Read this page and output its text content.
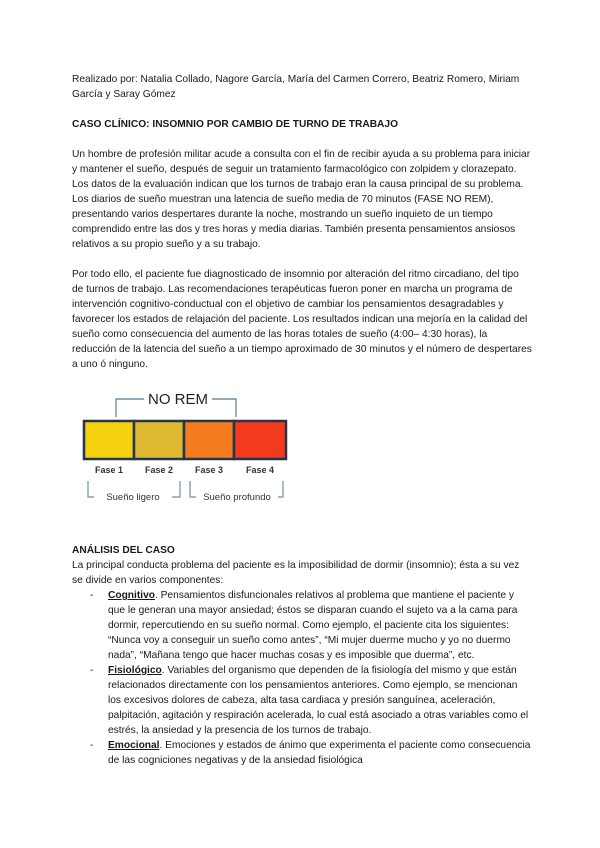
Realizado por: Natalia Collado, Nagore García, María del Carmen Correro, Beatriz Romero, Miriam García y Saray Gómez

CASO CLÍNICO: INSOMNIO POR CAMBIO DE TURNO DE TRABAJO

Un hombre de profesión militar acude a consulta con el fin de recibir ayuda a su problema para iniciar y mantener el sueño, después de seguir un tratamiento farmacológico con zolpidem y clorazepato. Los datos de la evaluación indican que los turnos de trabajo eran la causa principal de su problema. Los diarios de sueño muestran una latencia de sueño media de 70 minutos (FASE NO REM), presentando varios despertares durante la noche, mostrando un sueño inquieto de un tiempo comprendido entre las dos y tres horas y media diarias. También presenta pensamientos ansiosos relativos a su propio sueño y a su trabajo.

Por todo ello, el paciente fue diagnosticado de insomnio por alteración del ritmo circadiano, del tipo de turnos de trabajo. Las recomendaciones terapéuticas fueron poner en marcha un programa de intervención cognitivo-conductual con el objetivo de cambiar los pensamientos desagradables y favorecer los estados de relajación del paciente. Los resultados indican una mejoría en la calidad del sueño como consecuencia del aumento de las horas totales de sueño (4:00– 4:30 horas), la reducción de la latencia del sueño a un tiempo aproximado de 30 minutos y el número de despertares a uno ó ninguno.

NO REM
Fase 1 Fase 2 Fase 3	Fase 4
Sueño ligero	Sueño profundo

ANÁLISIS DEL CASO

La principal conducta problema del paciente es la imposibilidad de dormir (insomnio); ésta a su vez se divide en varios componentes:

- Cognitivo. Pensamientos disfuncionales relativos al problema que mantiene el paciente y que le generan una mayor ansiedad; éstos se disparan cuando el sujeto va a la cama para dormir, repercutiendo en su sueño normal. Como ejemplo, el paciente cita los siguientes: “Nunca voy a conseguir un sueño como antes”, “Mi mujer duerme mucho y yo no duermo nada”, “Mañana tengo que hacer muchas cosas y es imposible que duerma”, etc.
- Fisiológico. Variables del organismo que dependen de la fisiología del mismo y que están relacionados directamente con los pensamientos anteriores. Como ejemplo, se mencionan los excesivos dolores de cabeza, alta tasa cardiaca y presión sanguínea, aceleración, palpitación, agitación y respiración acelerada, lo cual está asociado a otras variables como el estrés, la ansiedad y la presencia de los turnos de trabajo.
- Emocional. Emociones y estados de ánimo que experimenta el paciente como consecuencia de las cogniciones negativas y de la ansiedad fisiológica
